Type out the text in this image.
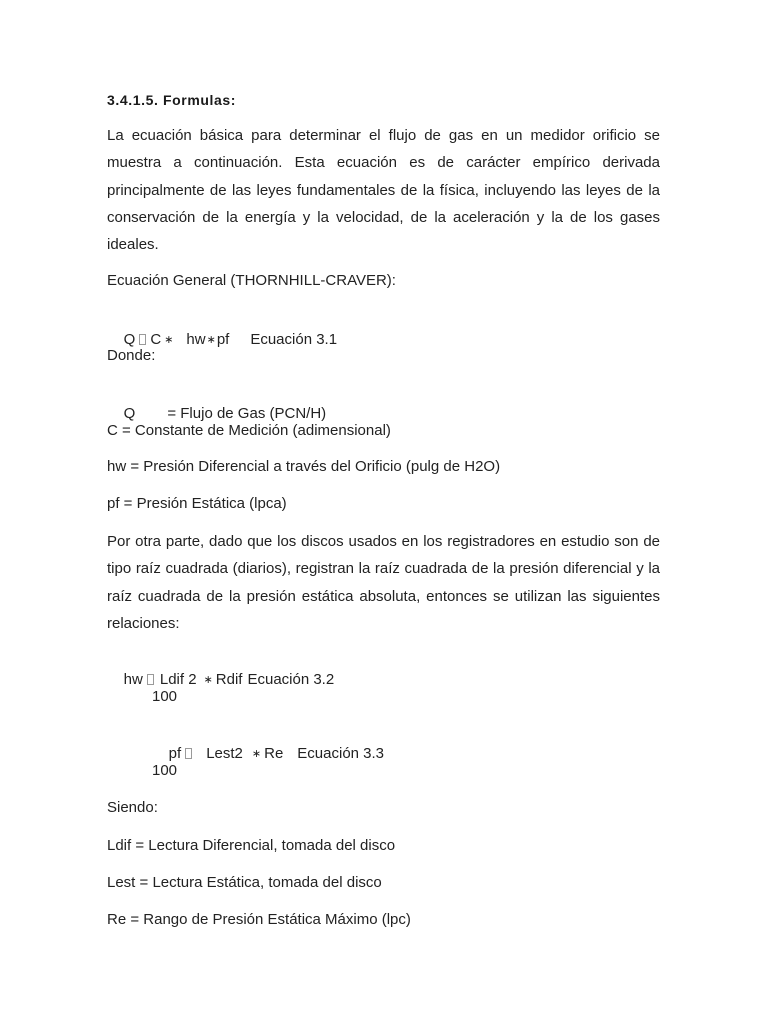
3.4.1.5. Formulas:
La ecuación básica para determinar el flujo de gas en un medidor orificio se muestra a continuación. Esta ecuación es de carácter empírico derivada principalmente de las leyes fundamentales de la física, incluyendo las leyes de la conservación de la energía y la velocidad, de la aceleración y la de los gases ideales.
Ecuación General (THORNHILL-CRAVER):

Q C ∗ hw∗pf Ecuación 3.1

Donde:

Q = Flujo de Gas (PCN/H)

C = Constante de Medición (adimensional)
hw = Presión Diferencial a través del Orificio (pulg de H2O)
pf = Presión Estática (lpca)
Por otra parte, dado que los discos usados en los registradores en estudio son de tipo raíz cuadrada (diarios), registran la raíz cuadrada de la presión diferencial y la raíz cuadrada de la presión estática absoluta, entonces se utilizan las siguientes relaciones:

hw Ldif 2 ∗ Rdif Ecuación 3.2

100

pf Lest2 ∗ Re Ecuación 3.3

100
Siendo:
Ldif = Lectura Diferencial, tomada del disco
Lest = Lectura Estática, tomada del disco
Re = Rango de Presión Estática Máximo (lpc)
